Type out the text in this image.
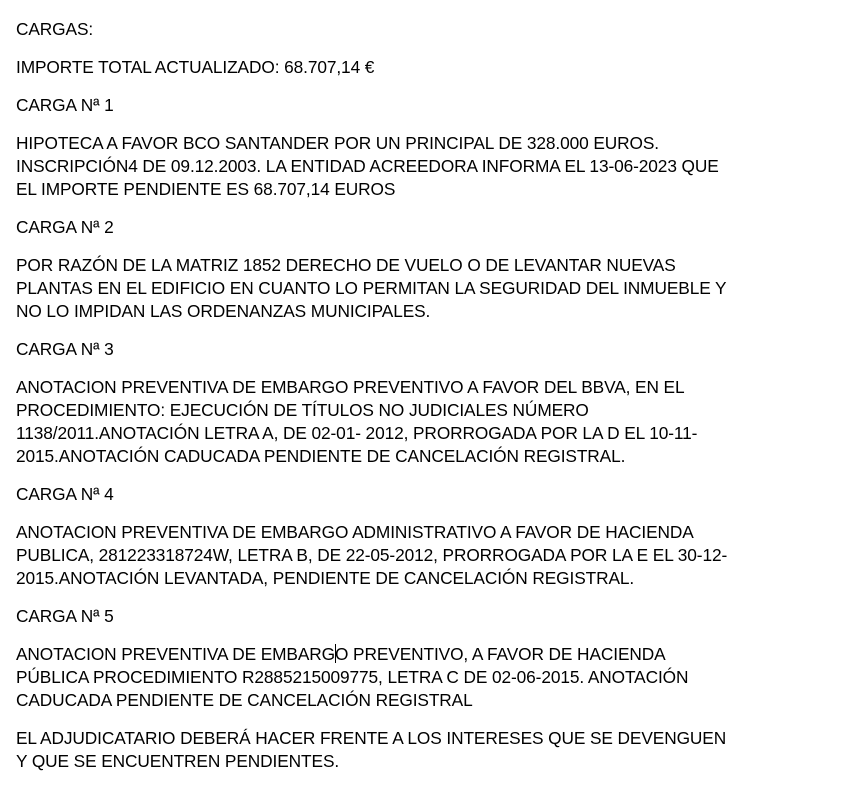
CARGAS:
IMPORTE TOTAL ACTUALIZADO: 68.707,14 €
CARGA Nª 1
HIPOTECA A FAVOR BCO SANTANDER POR UN PRINCIPAL DE 328.000 EUROS.
INSCRIPCIÓN4 DE 09.12.2003. LA ENTIDAD ACREEDORA INFORMA EL 13-06-2023 QUE
EL IMPORTE PENDIENTE ES 68.707,14 EUROS
CARGA Nª 2
POR RAZÓN DE LA MATRIZ 1852 DERECHO DE VUELO O DE LEVANTAR NUEVAS
PLANTAS EN EL EDIFICIO EN CUANTO LO PERMITAN LA SEGURIDAD DEL INMUEBLE Y
NO LO IMPIDAN LAS ORDENANZAS MUNICIPALES.
CARGA Nª 3
ANOTACION PREVENTIVA DE EMBARGO PREVENTIVO A FAVOR DEL BBVA, EN EL
PROCEDIMIENTO: EJECUCIÓN DE TÍTULOS NO JUDICIALES NÚMERO
1138/2011.ANOTACIÓN LETRA A, DE 02-01- 2012, PRORROGADA POR LA D EL 10-11-
2015.ANOTACIÓN CADUCADA PENDIENTE DE CANCELACIÓN REGISTRAL.
CARGA Nª 4
ANOTACION PREVENTIVA DE EMBARGO ADMINISTRATIVO A FAVOR DE HACIENDA
PUBLICA, 281223318724W, LETRA B, DE 22-05-2012, PRORROGADA POR LA E EL 30-12-
2015.ANOTACIÓN LEVANTADA, PENDIENTE DE CANCELACIÓN REGISTRAL.
CARGA Nª 5
ANOTACION PREVENTIVA DE EMBARGO PREVENTIVO, A FAVOR DE HACIENDA
PÚBLICA PROCEDIMIENTO R2885215009775, LETRA C DE 02-06-2015. ANOTACIÓN
CADUCADA PENDIENTE DE CANCELACIÓN REGISTRAL
EL ADJUDICATARIO DEBERÁ HACER FRENTE A LOS INTERESES QUE SE DEVENGUEN
Y QUE SE ENCUENTREN PENDIENTES.
